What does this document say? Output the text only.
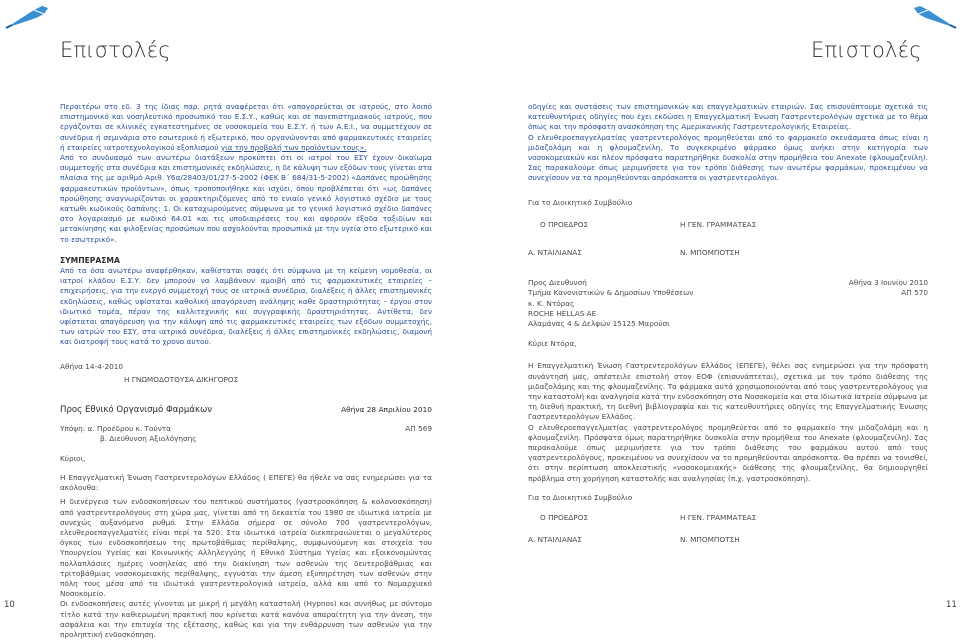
Επιστολές

Περαιτέρω στο εδ. 3 της ίδιας παρ. ρητά αναφέρεται ότι «απαγορεύεται σε ιατρούς, στο λοιπό επιστημονικό και νοσηλευτικό προσωπικό του Ε.Σ.Υ., καθώς και σε πανεπιστημιακούς ιατρούς, που εργάζονται σε κλινικές εγκατεστημένες σε νοσοκομεία του Ε.Σ.Υ. ή των Α.Ε.Ι., να συμμετέχουν σε συνέδρια ή σεμινάρια στο εσωτερικό ή εξωτερικό, που οργανώνονται από φαρμακευτικές εταιρείες ή εταιρείες ιατροτεχνολογικού εξοπλισμού για την προβολή των προϊόντων τους».

Από το συνδυασμό των ανωτέρω διατάξεων προκύπτει ότι οι ιατροί του ΕΣΥ έχουν δικαίωμα συμμετοχής στα συνέδρια και επιστημονικές εκδηλώσεις, η δε κάλυψη των εξόδων τους γίνεται στα πλαίσια της με αριθμό Αριθ. Υ6α/28403/01/27-5-2002 (ΦΕΚ Β΄ 684/31-5-2002) «Δαπάνες προώθησης φαρμακευτικών προϊόντων», όπως τροποποιήθηκε και ισχύει, όπου προβλέπεται ότι «ως δαπάνες προώθησης αναγνωρίζονται οι χαρακτηριζόμενες από το ενιαίο γενικό λογιστικό σχέδιο με τους κατωθι κωδικούς δαπάνης: 1. Οι καταχωρούμενες σύμφωνα με το γενικό λογιστικό σχέδιο δαπάνες στο λογαριασμό με κωδικό 64.01 και τις υποδιαιρέσεις του και αφορούν έξοδα ταξιδίων και μετακίνησης και φιλοξενίας προσώπων που ασχολούνται προσωπικά με την υγεία στο εξωτερικό και το εσωτερικό».

ΣΥΜΠΕΡΑΣΜΑ

Από τα όσα ανωτέρω αναφέρθηκαν, καθίσταται σαφές ότι σύμφωνα με τη κείμενη νομοθεσία, οι ιατροί κλάδου Ε.Σ.Υ. δεν μπορούν να λαμβάνουν αμοιβή από τις φαρμακευτικές εταιρείες – επιχειρήσεις, για την ενεργό συμμετοχή τους σε ιατρικά συνέδρια, διαλέξεις ή άλλες επιστημονικές εκδηλώσεις, καθώς υφίσταται καθολική απαγόρευση ανάληψης καθε δραστηριότητας – έργου στον ιδιωτικό τομέα, πέραν της καλλιτεχνικής και συγγραφικής δραστηριότητας. Αντίθετα, δεν υφίσταται απαγόρευση για την κάλυψη από τις φαρμακευτικές εταιρείες των εξόδων συμμετοχής, των ιατρών του ΕΣΥ, στα ιατρικά συνέδρια, διαλέξεις ή άλλες επιστημονικές εκδηλώσεις, διαμονή και διατροφή τους κατά το χρονο αυτού.

Αθήνα 14-4-2010

Η ΓΝΩΜΟΔΟΤΟΥΣΑ ΔΙΚΗΓΟΡΟΣ

Προς Εθνικό Οργανισμό Φαρμάκων	Αθήνα 28 Απριλίου 2010
Υπόψη: α. Προέδρου κ. Τούντα	ΑΠ 569

β. Διεύθυνση Αξιολόγησης

Κύριοι,

Η Επαγγελματική Ένωση Γαστρεντερολόγων Ελλάδος ( ΕΠΕΓΕ) θα ήθελε να σας ενημερώσει για τα ακόλουθα:

Η διενέργεια των ενδοσκοπήσεων του πεπτικού συστήματος (γαστροσκόπηση & κολονοσκόπηση) από γαστρεντερολόγους στη χώρα μας, γίνεται από τη δεκαετία του 1980 σε ιδιωτικά ιατρεία με συνεχώς αυξανόμενο ρυθμό. Στην Ελλάδα σήμερα σε σύνολο 700 γαστρεντερολόγων, ελευθεροεπαγγελματίες είναι περί τα 520. Στα ιδιωτικά ιατρεία διεκπεραιώνεται ο μεγαλύτερος όγκος των ενδοσκοπήσεων της πρωτοβάθμιας περίθαλψης, συμφωνούμενη και στοιχεία του Υπουργείου Υγείας και Κοινωνικής Αλληλεγγύης ή Εθνικό Σύστημα Υγείας και εξοικονομώντας πολλαπλάσιες ημέρες νοσηλείας από την διακίνηση των ασθενών της δευτεροβάθμιας και τριτοβάθμιας νοσοκομειακής περίθαλψης, εγγυάται την άμεση εξυπηρέτηση των ασθενών στην πόλη τους μέσα από τα ιδιωτικά γαστρεντερολογικά ιατρεία, αλλά και από το Νομαρχιακό Νοσοκομείο.

Οι ενδοσκοπήσεις αυτές γίνονται με μικρή ή μεγάλη καταστολή (Ηypnos) και συνήθως με σύντομο τίτλο κατά την καθιερωμένη πρακτική που κρίνεται κατά κανόνα απαραίτητη για την άνεση, την ασφάλεια και την επιτυχία της εξέτασης, καθώς και για την ενθάρρυνση των ασθενών για την προληπτική ενδοσκόπηση.

10
Επιστολές

οδηγίες και συστάσεις των επιστημονικών και επαγγελματικών εταιριών. Σας επισυνάπτουμε σχετικά τις κατευθυντήριες οδηγίες που έχει εκδώσει η Επαγγελματική Ένωση Γαστρεντερολόγων σχετικά με το θέμα όπως και την πρόσφατη ανασκόπηση της Αμερικανικής Γαστρεντερολογικής Εταιρείας.

Ο ελευθεροεπαγγελματίας γαστρεντερολόγος προμηθεύεται από το φαρμακείο σκευάσματα όπως είναι η μιδαζολάμη και η φλουμαζενίλη. Το συγκεκριμένο φάρμακο όμως ανήκει στην κατηγορία των νοσοκομειακών και πλέον πρόσφατα παρατηρήθηκε δυσκολία στην προμήθεια του Anexate (φλουμαζενίλη). Σας παρακαλούμε όπως μεριμνήσετε για τον τρόπο διάθεσης των ανωτέρω φαρμάκων, προκειμένου να συνεχίσουν να τα προμηθεύονται απρόσκοπτα οι γαστρεντερολόγοι.

Για το Διοικητικό Συμβούλιο

Ο ΠΡΟΕΔΡΟΣ	Η ΓΕΝ. ΓΡΑΜΜΑΤΕΑΣ
Α. ΝΤΑΙΛΙΑΝΑΣ	Ν. ΜΠΟΜΠΟΤΣΗ
Προς Διευθυνσή	Αθήνα 3 Ιουνίου 2010
Τμήμα Κανονιστικών & Δημοσίων Υποθέσεων	ΑΠ 570

κ. Κ. Ντόρας

ROCHE HELLAS AE

Αλαμάνας 4 & Δελφών 15125 Μαρούσι

Κύριε Ντόρα,

Η Επαγγελματική Ένωση Γαστρεντερολόγων Ελλάδος (ΕΠΕΓΕ), θέλει σας ενημερώσει για την πρόσφατη συνάντησή μας, απέστειλε επιστολή στον ΕΟΦ (επισυνάπτεται), σχετικά με τον τρόπο διάθεσης της μιδαζολάμης και της φλουμαζενίλης. Τα φάρμακα αυτά χρησιμοποιούνται από τους γαστρεντερολόγους για την καταστολή και αναλγησία κατά την ενδοσκόπηση στα Νοσοκομεία και στα Ιδιωτικά Ιατρεία σύμφωνα με τη διεθνή πρακτική, τη διεθνή βιβλιογραφία και τις κατευθυντήριες οδηγίες της Επαγγελματικής Ένωσης Γαστρεντερολόγων Ελλάδος.

Ο ελευθεροεπαγγελματίας γαστρεντερολόγος προμηθεύεται από το φαρμακείο την μιδαζολάμη και η φλουμαζενίλη. Πρόσφατα όμως παρατηρήθηκε δυσκολία στην προμήθεια του Anexate (φλουμαζενίλη). Σας παρακαλούμε όπως μεριμνήσετε για τον τρόπο διάθεσης του φαρμάκου αυτού από τους γαστρεντερολόγους, προκειμένου να συνεχίσουν να το προμηθεύονται απρόσκοπτα. Θα πρέπει να τονισθεί, ότι στην περίπτωση αποκλειστικής «νοσοκομειακής» διάθεσης της φλουμαζενίλης, θα δημιουργηθεί πρόβλημα στη χορήγηση καταστολής και αναλγησίας (π.χ. γαστροσκόπηση).

Για το Διοικητικό Συμβούλιο

Ο ΠΡΟΕΔΡΟΣ	Η ΓΕΝ. ΓΡΑΜΜΑΤΕΑΣ
Α. ΝΤΑΙΛΙΑΝΑΣ	Ν. ΜΠΟΜΠΟΤΣΗ
11
